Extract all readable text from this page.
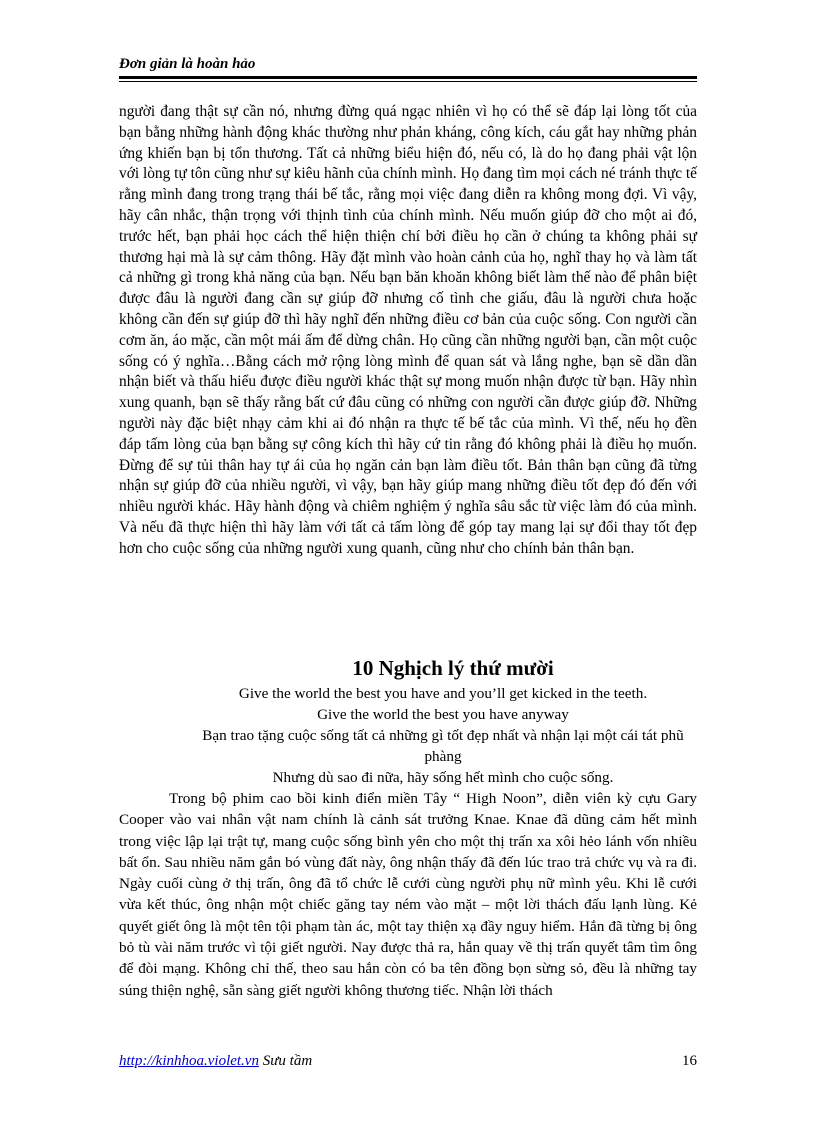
Đơn giản là hoàn hảo

người đang thật sự cần nó, nhưng đừng quá ngạc nhiên vì họ có thể sẽ đáp lại lòng tốt của bạn bằng những hành động khác thường như phản kháng, công kích, cáu gắt hay những phản ứng khiến bạn bị tổn thương. Tất cả những biểu hiện đó, nếu có, là do họ đang phải vật lộn với lòng tự tôn cũng như sự kiêu hãnh của chính mình. Họ đang tìm mọi cách né tránh thực tế rằng mình đang trong trạng thái bế tắc, rằng mọi việc đang diễn ra không mong đợi. Vì vậy, hãy cân nhắc, thận trọng với thịnh tình của chính mình. Nếu muốn giúp đỡ cho một ai đó, trước hết, bạn phải học cách thể hiện thiện chí bởi điều họ cần ở chúng ta không phải sự thương hại mà là sự cảm thông. Hãy đặt mình vào hoàn cảnh của họ, nghĩ thay họ và làm tất cả những gì trong khả năng của bạn. Nếu bạn băn khoăn không biết làm thế nào để phân biệt được đâu là người đang cần sự giúp đỡ nhưng cố tình che giấu, đâu là người chưa hoặc không cần đến sự giúp đỡ thì hãy nghĩ đến những điều cơ bản của cuộc sống. Con người cần cơm ăn, áo mặc, cần một mái ấm để dừng chân. Họ cũng cần những người bạn, cần một cuộc sống có ý nghĩa…Bằng cách mở rộng lòng mình để quan sát và lắng nghe, bạn sẽ dần dần nhận biết và thấu hiểu được điều người khác thật sự mong muốn nhận được từ bạn. Hãy nhìn xung quanh, bạn sẽ thấy rằng bất cứ đâu cũng có những con người cần được giúp đỡ. Những người này đặc biệt nhạy cảm khi ai đó nhận ra thực tế bế tắc của mình. Vì thế, nếu họ đền đáp tấm lòng của bạn bằng sự công kích thì hãy cứ tin rằng đó không phải là điều họ muốn. Đừng để sự tủi thân hay tự ái của họ ngăn cản bạn làm điều tốt. Bản thân bạn cũng đã từng nhận sự giúp đỡ của nhiều người, vì vậy, bạn hãy giúp mang những điều tốt đẹp đó đến với nhiều người khác. Hãy hành động và chiêm nghiệm ý nghĩa sâu sắc từ việc làm đó của mình. Và nếu đã thực hiện thì hãy làm với tất cả tấm lòng để góp tay mang lại sự đổi thay tốt đẹp hơn cho cuộc sống của những người xung quanh, cũng như cho chính bản thân bạn.

10 Nghịch lý thứ mười

Give the world the best you have and you’ll get kicked in the teeth.

Give the world the best you have anyway

Bạn trao tặng cuộc sống tất cả những gì tốt đẹp nhất và nhận lại một cái tát phũ phàng

Nhưng dù sao đi nữa, hãy sống hết mình cho cuộc sống.

Trong bộ phim cao bồi kinh điển miền Tây “ High Noon”, diễn viên kỳ cựu Gary Cooper vào vai nhân vật nam chính là cảnh sát trưởng Knae. Knae đã dũng cảm hết mình trong việc lập lại trật tự, mang cuộc sống bình yên cho một thị trấn xa xôi hẻo lánh vốn nhiều bất ổn. Sau nhiều năm gắn bó vùng đất này, ông nhận thấy đã đến lúc trao trả chức vụ và ra đi. Ngày cuối cùng ở thị trấn, ông đã tổ chức lễ cưới cùng người phụ nữ mình yêu. Khi lễ cưới vừa kết thúc, ông nhận một chiếc găng tay ném vào mặt – một lời thách đấu lạnh lùng. Kẻ quyết giết ông là một tên tội phạm tàn ác, một tay thiện xạ đầy nguy hiểm. Hắn đã từng bị ông bỏ tù vài năm trước vì tội giết người. Nay được thả ra, hắn quay về thị trấn quyết tâm tìm ông để đòi mạng. Không chỉ thế, theo sau hắn còn có ba tên đồng bọn sừng sỏ, đều là những tay súng thiện nghệ, sẵn sàng giết người không thương tiếc. Nhận lời thách

http://kinhhoa.violet.vn Sưu tầm	16
